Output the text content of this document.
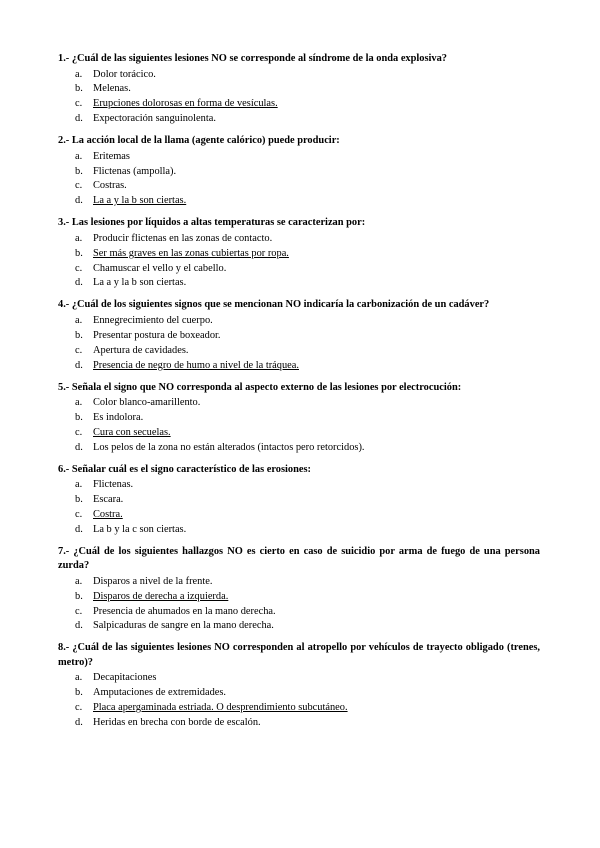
1.- ¿Cuál de las siguientes lesiones NO se corresponde al síndrome de la onda explosiva?
a.	Dolor torácico.
b. Melenas.
c.	Erupciones dolorosas en forma de vesículas.
d. Expectoración sanguinolenta.
2.- La acción local de la llama (agente calórico) puede producir:
a.	Eritemas
b. Flictenas (ampolla).
c.	Costras.
d. La a y la b son ciertas.
3.- Las lesiones por líquidos a altas temperaturas se caracterizan por:
a.	Producir flictenas en las zonas de contacto.
b. Ser más graves en las zonas cubiertas por ropa.
c.	Chamuscar el vello y el cabello.
d. La a y la b son ciertas.
4.- ¿Cuál de los siguientes signos que se mencionan NO indicaría la carbonización de un cadáver?
a.	Ennegrecimiento del cuerpo.
b. Presentar postura de boxeador.
c.	Apertura de cavidades.
d. Presencia de negro de humo a nivel de la tráquea.
5.- Señala el signo que NO corresponda al aspecto externo de las lesiones por electrocución:
a.	Color blanco-amarillento.
b. Es indolora.
c.	Cura con secuelas.
d. Los pelos de la zona no están alterados (intactos pero retorcidos).
6.- Señalar cuál es el signo característico de las erosiones:
a.	Flictenas.
b. Escara.
c.	Costra.
d. La b y la c son ciertas.
7.- ¿Cuál de los siguientes hallazgos NO es cierto en caso de suicidio por arma de fuego de una persona zurda?
a.	Disparos a nivel de la frente.
b. Disparos de derecha a izquierda.
c.	Presencia de ahumados en la mano derecha.
d. Salpicaduras de sangre en la mano derecha.
8.- ¿Cuál de las siguientes lesiones NO corresponden al atropello por vehículos de trayecto obligado (trenes, metro)?
a.	Decapitaciones
b. Amputaciones de extremidades.
c.	Placa apergaminada estriada. O desprendimiento subcutáneo.
d. Heridas en brecha con borde de escalón.
